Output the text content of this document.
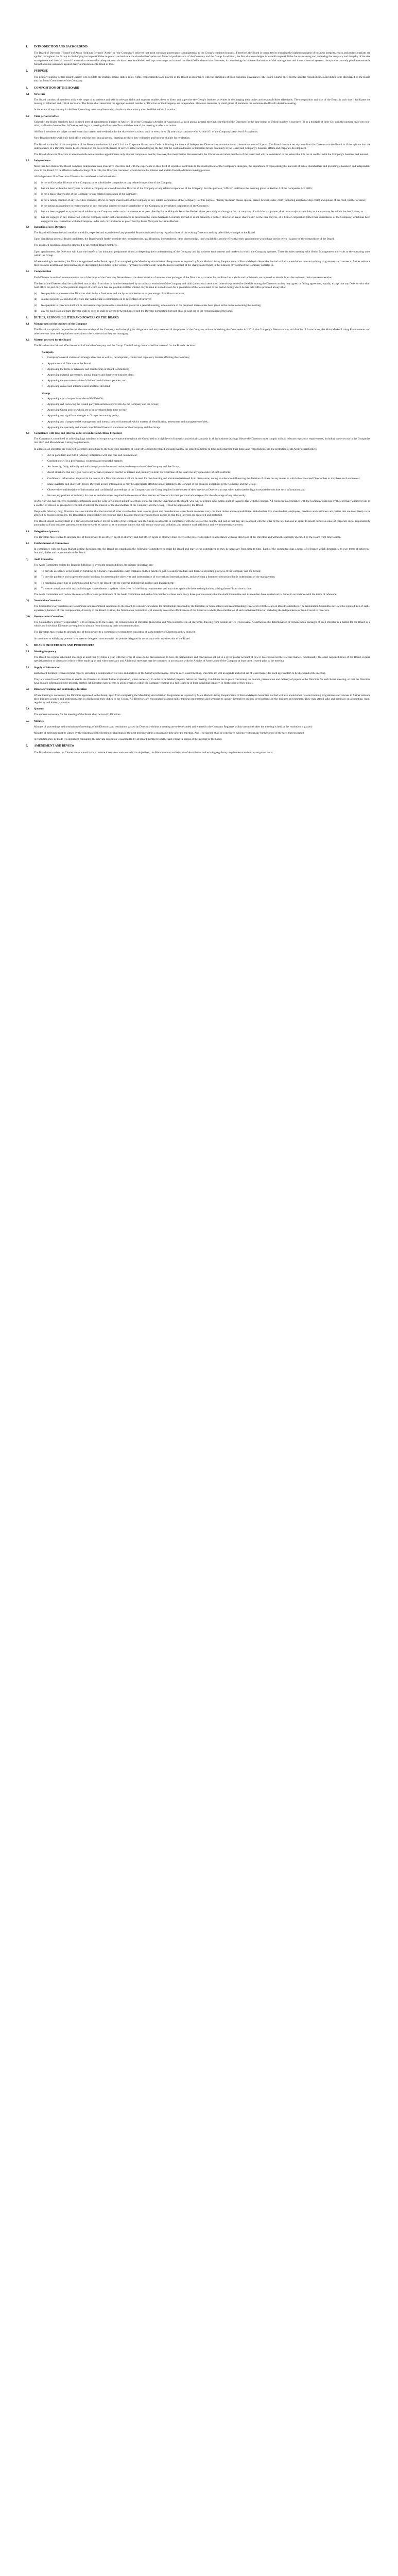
1.	INTRODUCTION AND BACKGROUND
The Board of Directors ("Board") of Ansin Holdings Berhad ("Ansin" or "the Company") believes that good corporate governance is fundamental to the Group's continued success. Therefore, the Board is committed to ensuring the highest standards of business integrity, ethics and professionalism are applied throughout the Group in discharging its responsibilities to protect and enhance the shareholders' value and financial performance of the Company and the Group. In addition, the Board acknowledges its overall responsibilities for maintaining and reviewing the adequacy and integrity of the risk management and internal control framework to ensure that adequate controls have been established and kept to manage and control the identified business risks. However, in considering the inherent limitations of risk management and internal control systems, the systems can only provide reasonable but not absolute assurance against material misstatements, fraud or loss.
2.	PURPOSE
The primary purpose of this Board Charter is to regulate the strategic intent, duties, roles, rights, responsibilities and powers of the Board in accordance with the principles of good corporate governance. The Board Charter spell out the specific responsibilities and duties to be discharged by the Board and the Board Committees of the Company.
3.	COMPOSITION OF THE BOARD
3.1	Structure
The Board consists of members with wide range of experience and skill in relevant fields and together enables them to direct and supervise the Group's business activities in discharging their duties and responsibilities effectively. The composition and size of the Board is such that it facilitates the making of informed and critical decisions. The Board shall determine the appropriate total number of Directors of the Company are independent. Hence no members or small group of members can dominate the Board's decision-making.
In the event of any vacancy in the Board, resulting non-compliance with the above, the vacancy must be filled within 3 months.
3.2	Time period of office
Generally, the Board members have no fixed term of appointment. Subject to Article 101 of the Company's Articles of Association, at each annual general meeting, one-third of the Directors for the time being, or if their number is not three (3) or a multiple of three (3), then the number nearest to one-third, shall retire from office. A Director retiring at a meeting shall retain office until the close of the meeting at which he retires.
All Board members are subject to retirement by rotation and re-election by the shareholders at least once in every three (3) years in accordance with Article 101 of the Company's Articles of Association.
New Board members will only hold office until the next annual general meeting at which they will retire and become eligible for re-election.
The Board is mindful of the compliance of the Recommendations 3.2 and 3.3 of the Corporate Governance Code on limiting the tenure of Independent Directors to a cumulative or consecutive term of 9 years. The Board does not set any term limit for Directors on the Board or if the opinion that the independence of a Director cannot be determined on the basis of the tenure of service, rather acknowledging the fact that the continued tenure of Directors brings continuity to the Board and Company's business affairs and corporate development.
The Board allows its Directors to accept outside non-executive appointments only at other companies' boards, however, this must first be discussed with the Chairman and other members of the Board and will be considered to the extent that it is not in conflict with the Company's business and interest.
3.3	Independence
More than two third of the Board comprise Independent Non-Executive Directors and with the experience in their field of expertise, contribute to the development of the Company's strategies, the importance of representing the interests of public shareholders and providing a balanced and independent view to the Board. To be effective in the discharge of its role, the Directors concerned would declare his interest and abstain from the decision making process.
All Independent Non-Executive Directors is considered as individual who:
(a)	is not an Executive Director of the Company or its subsidiaries companies or any related corporation of the Company;
(b)	has not been within the last 2 years or within a company as a Non-Executive Director of the Company or any related corporation of the Company. For this purpose, "officer" shall have the meaning given in Section 4 of the Companies Act, 2016;
(c)	is not a major shareholder of the Company or any related corporation of the Company;
(d)	is not a family member of any Executive Director, officer or major shareholder of the Company or any related corporation of the Company. For this purpose, "family member" means spouse, parent, brother, sister, child (including adopted or step child) and spouse of his child, brother or sister;
(e)	is not acting as a nominee or representative of any executive director or major shareholder of the Company or any related corporation of the Company;
(f)	has not been engaged as a professional adviser by the Company under such circumstances as prescribed by Bursa Malaysia Securities Berhad either personally or through a firm or company of which he is a partner, director or major shareholder, as the case may be, within the last 2 years; or
(g)	has not engaged in any transaction with the Company under such circumstances as prescribed by Bursa Malaysia Securities Berhad or is not presently a partner, director or major shareholder, as the case may be, of a firm or corporation (other than subsidiaries of the Company) which has been engaged in any transaction with the Company under such circumstances as prescribed by Bursa Malaysia Securities Berhad.
3.4	Induction of new Directors
The Board will determine and consider the skills, expertise and experience of any potential Board candidates having regard to those of the existing Directors and any other likely changes to the Board.
Upon identifying potential Board candidates, the Board would further consider their competencies, qualifications, independence, other directorships, time availability and the effect that their appointment would have on the overall balance of the composition of the Board.
The proposed candidates must be approved by all existing Board members.
Upon appointment, the Directors will have the benefit of an induction programme aimed at deepening their understanding of the Company and its business environment and markets in which the Company operates. These includes meeting with Senior Management and visits to the operating units within the Group.
Where training is concerned, the Directors appointed to the Board, apart from completing the Mandatory Accreditation Programme as required by Main Market Listing Requirements of Bursa Malaysia Securities Berhad will also attend other relevant training programmes and courses to further enhance their business acumen and professionalism in discharging their duties to the Group. They have to continuously keep themselves abreast of the changes and trends in the business environment the Company operates in.
3.5	Compensation
Each Director is entitled to remuneration out of the funds of the Company. Nevertheless, the determination of remuneration packages of the Directors is a matter for the Board as a whole and individuals are required to abstain from discussion on their own remuneration.
The fees of the Directors shall be such fixed sum as shall from time to time be determined by an ordinary resolution of the Company and shall (unless such resolution otherwise provide) be divisible among the Directors as they may agree, or failing agreement, equally, except that any Director who shall hold office for part only of the period in respect of which such fees are payable shall be entitled only to rank in such division for a proportion of the fees related to the period during which he has held office provided always that:
(a)	fees payable to non-executive Directors shall be by a fixed sum, and not by a commission on or percentage of profits or turnover;
(b)	salaries payable to executive Directors may not include a commission on or percentage of turnover;
(c)	fees payable to Directors shall not be increased except pursuant to a resolution passed at a general meeting, where notice of the proposed increase has been given in the notice convening the meeting;
(d)	any fee paid to an alternate Director shall be such as shall be agreed between himself and the Director nominating him and shall be paid out of the remuneration of the latter.
4.	DUTIES, RESPONSIBILITIES AND POWERS OF THE BOARD
4.1	Management of the business of the Company
The Board is explicitly responsible for the stewardship of the Company in discharging its obligations and may exercise all the powers of the Company without breaching the Companies Act 2016, the Company's Memorandum and Articles of Association, the Main Market Listing Requirements and other relevant laws and regulations in relation to the business that they are managing.
4.2	Matters reserved for the Board
The Board retains full and effective control of both the Company and the Group. The following matters shall be reserved for the Board's decision:
Company
•	Company's overall vision and strategic direction as well as, development, control and regulatory matters affecting the Company;
•	Appointment of Directors to the Board;
•	Approving the terms of reference and membership of Board Committees;
•	Approving material agreements, annual budgets and long-term business plans;
•	Approving the recommendation of dividend and dividend policies; and
•	Approving annual and interim results and final dividend.
Group
•	Approving capital expenditure above RM200,000;
•	Approving and reviewing the related party transactions entered into by the Company and the Group;
•	Approving Group policies which are to be developed from time to time;
•	Approving any significant changes to Group's accounting policy;
•	Approving any changes to risk management and internal control framework which matters of identification, assessment and management of risk;
•	Approving the quarterly and annual consolidated financial statements of the Company and the Group.
4.3	Compliance with laws and internal codes of conduct and ethical behaviour
The Company is committed to achieving high standards of corporate governance throughout the Group and to a high level of integrity and ethical standards in all its business dealings. Hence the Directors must comply with all relevant regulatory requirements, including those set out in the Companies Act 2016 and Main Market Listing Requirements.
In addition, all Directors are expected to comply and adhere to the following standards of Code of Conduct developed and approved by the Board from time to time in discharging their duties and responsibilities to the protection of all Ansin's shareholders:
•	Act in good faith and fulfill fiduciary obligations with due care and commitment;
•	Conduct oneself in a professional, courteous and respectful manner;
•	Act honestly, fairly, ethically and with integrity to enhance and maintain the reputation of the Company and the Group;
•	Avoid situations that may give rise to any actual or potential conflict of interest and promptly inform the Chairman of the Board on any appearance of such conflicts;
•	Confidential information acquired in the course of a Director's duties shall not be used for own learning and eliminated retrieved from discussions, voting or otherwise influencing the decision of others on any matter in which the concerned Director has or may have such an interest;
•	Make available and share with fellow Directors all any information as may be appropriate affecting and/or relating to the conduct of the business operations of the Company and the Group;
•	Observe the confidentiality of information and confidential proceedings of the Company and the Group acquired in the course of their service as Directors, except when authorized or legally required to disclose such information; and
•	Not use any position of authority for own or an inducement acquired in the course of their service as Directors for their personal advantage or for the advantage of any other entity.
A Director who has concerns regarding compliance with the Code of Conduct should raise those concerns with the Chairman of the Board, who will determine what action shall be taken to deal with the concern. All concerns in accordance with the Company's policies by the externally audited event of a conflict of interest or prospective conflict of interest, the interest of the shareholders of the Company and the Group, it must be approved by the Board.
Despite its fiduciary duty, Directors are also mindful that the interest of other stakeholders must also be given due consideration when Board members carry out their duties and responsibilities. Stakeholders like shareholders, employees, creditors and customers are parties that are most likely to be affected by business decisions, the Board takes responsibility for ensuring that it balances these interests to those parties so that their interests are protected and protected.
The Board should conduct itself in a fair and ethical manner for the benefit of the Company and the Group as advocate in compliance with the laws of the country and just as that they are in accord with the letter of the law but also in spirit. It should nurture a sense of corporate social responsibility among its staff and business partners, contribute towards its nature so as to promote actions that will reduce waste and pollution, and enhance work efficiency and environmental awareness.
4.4	Delegation of powers
The Directors may resolve to delegate any of their powers to an officer, agent or attorney, and that officer, agent or attorney must exercise the powers delegated in accordance with any directions of the Directors and within the authority specified by the Board from time to time.
4.5	Establishment of Committees
In compliance with the Main Market Listing Requirements, the Board has established the following Committees to assist the Board and may set up committees as may be necessary from time to time. Each of the committees has a terms of reference which determines its own terms of reference, function, duties and recommends to the Board.
(i)	Audit Committee
The Audit Committee assists the Board in fulfilling its oversight responsibilities. Its primary objectives are:-
(a)	To provide assistance to the Board in fulfilling its fiduciary responsibilities with emphasis on their practices, policies and procedures and financial reporting practices of the Company and the Group;
(b)	To provide guidance and scope to the audit functions for assessing the objectivity and independence of external and internal auditors, and providing a forum for discussion that is independent of the management;
(c)	To maintain a direct line of communication between the Board with the external and internal auditors and management;
(d)	To ensure compliance with any such changes / amendments / updates / directives / of the listing requirements and any other applicable laws and regulations, arising thereof from time to time.
The Audit Committee will review the roles of officers and performance of the Audit Committee and each of its members at least once every three years to ensure that the Audit Committee and its members have carried out its duties in accordance with the terms of reference.
(ii)	Nomination Committee
The Committee's key functions are to nominate and recommend candidates to the Board, to consider candidates for directorship proposed by the Directors or Shareholders and recommending Directors to fill the seats on Board Committees. The Nomination Committee reviews the required mix of skills, experience, balance of core competencies, diversity of the Board. Further, the Nomination Committee will annually assess the effectiveness of the Board as a whole, the contribution of each individual Director, including the independence of Non-Executive Directors.
(iii)	Remuneration Committee
The Committee's primary responsibility is to recommend to the Board, the remuneration of Directors (Executive and Non-Executive) in all its forms, drawing from outside advice if necessary. Nevertheless, the determination of remuneration packages of each Director is a matter for the Board as a whole and individual Directors are required to abstain from discussing their own remuneration.
The Directors may resolve to delegate any of their powers to a committee or committees consisting of such member of Directors as they think fit.
A committee to which any powers have been so delegated must exercise the powers delegated in accordance with any direction of the Board.
5.	BOARD PROCEDURES AND PROCEDURES
5.1	Meeting frequency
The Board has regular scheduled meetings at least four (4) times a year with the terms of issues to be discussed and to have its deliberations and conclusions set out in a given proper account of how it has considered the relevant matters. Additionally, the other responsibilities of the Board, require special attention or discussion which will be made up as and when necessary and Additional meetings may be convened in accordance with the Articles of Association of the Company at least one (1) week prior to the meeting.
5.2	Supply of information
Each Board member receives regular reports, including a comprehensive review and analysis of the Group's performance. Prior to each Board meeting, Directors are sent an agenda and a full set of Board papers for each agenda item to be discussed at the meeting.
They are issued in sufficient time to enable the Directors to obtain further explanation, where necessary, in order to be briefed properly before the meeting. Guidelines are in place concerning the content, presentation and delivery of papers to the Directors for each Board meeting, so that the Directors have enough information to be properly briefed. All Directors have access to all information within the Company whether as a full Board or in their individual capacity, in furtherance of their duties.
5.3	Directors' training and continuing education
Where training is concerned, the Directors appointed to the Board, apart from completing the Mandatory Accreditation Programme as required by Main Market Listing Requirements of Bursa Malaysia Securities Berhad will also attend other relevant training programmes and courses to further enhance their business acumen and professionalism in discharging their duties to the Group. All Directors are encouraged to attend talks, training programmes and seminars to update themselves on new developments in the business environment. They may attend talks and seminars on accounting, legal, regulatory and industry practice.
5.4	Quorum
The quorum necessary for the meeting of the Board shall be two (2) Directors.
5.5	Minutes
Minutes of proceedings and resolutions of meetings of the Directors and resolutions passed by Directors without a meeting are to be recorded and entered in the Company Registers within one month after the meeting is held or the resolution is passed.
Minutes of meetings must be signed by the chairman of the meeting or chairman of the next meeting within a reasonable time after the meeting. And if so signed, shall be conclusive evidence without any further proof of the facts thereon stated.
A resolution may be made if a document containing the relevant resolution is assented to by all Board members together and voting in person at the meeting of the board.
6.	AMENDMENT AND REVIEW
The Board must review the Charter on an annual basis to ensure it remains consistent with its objectives, the Memorandum and Articles of Association and existing regulatory requirements and corporate governance.
